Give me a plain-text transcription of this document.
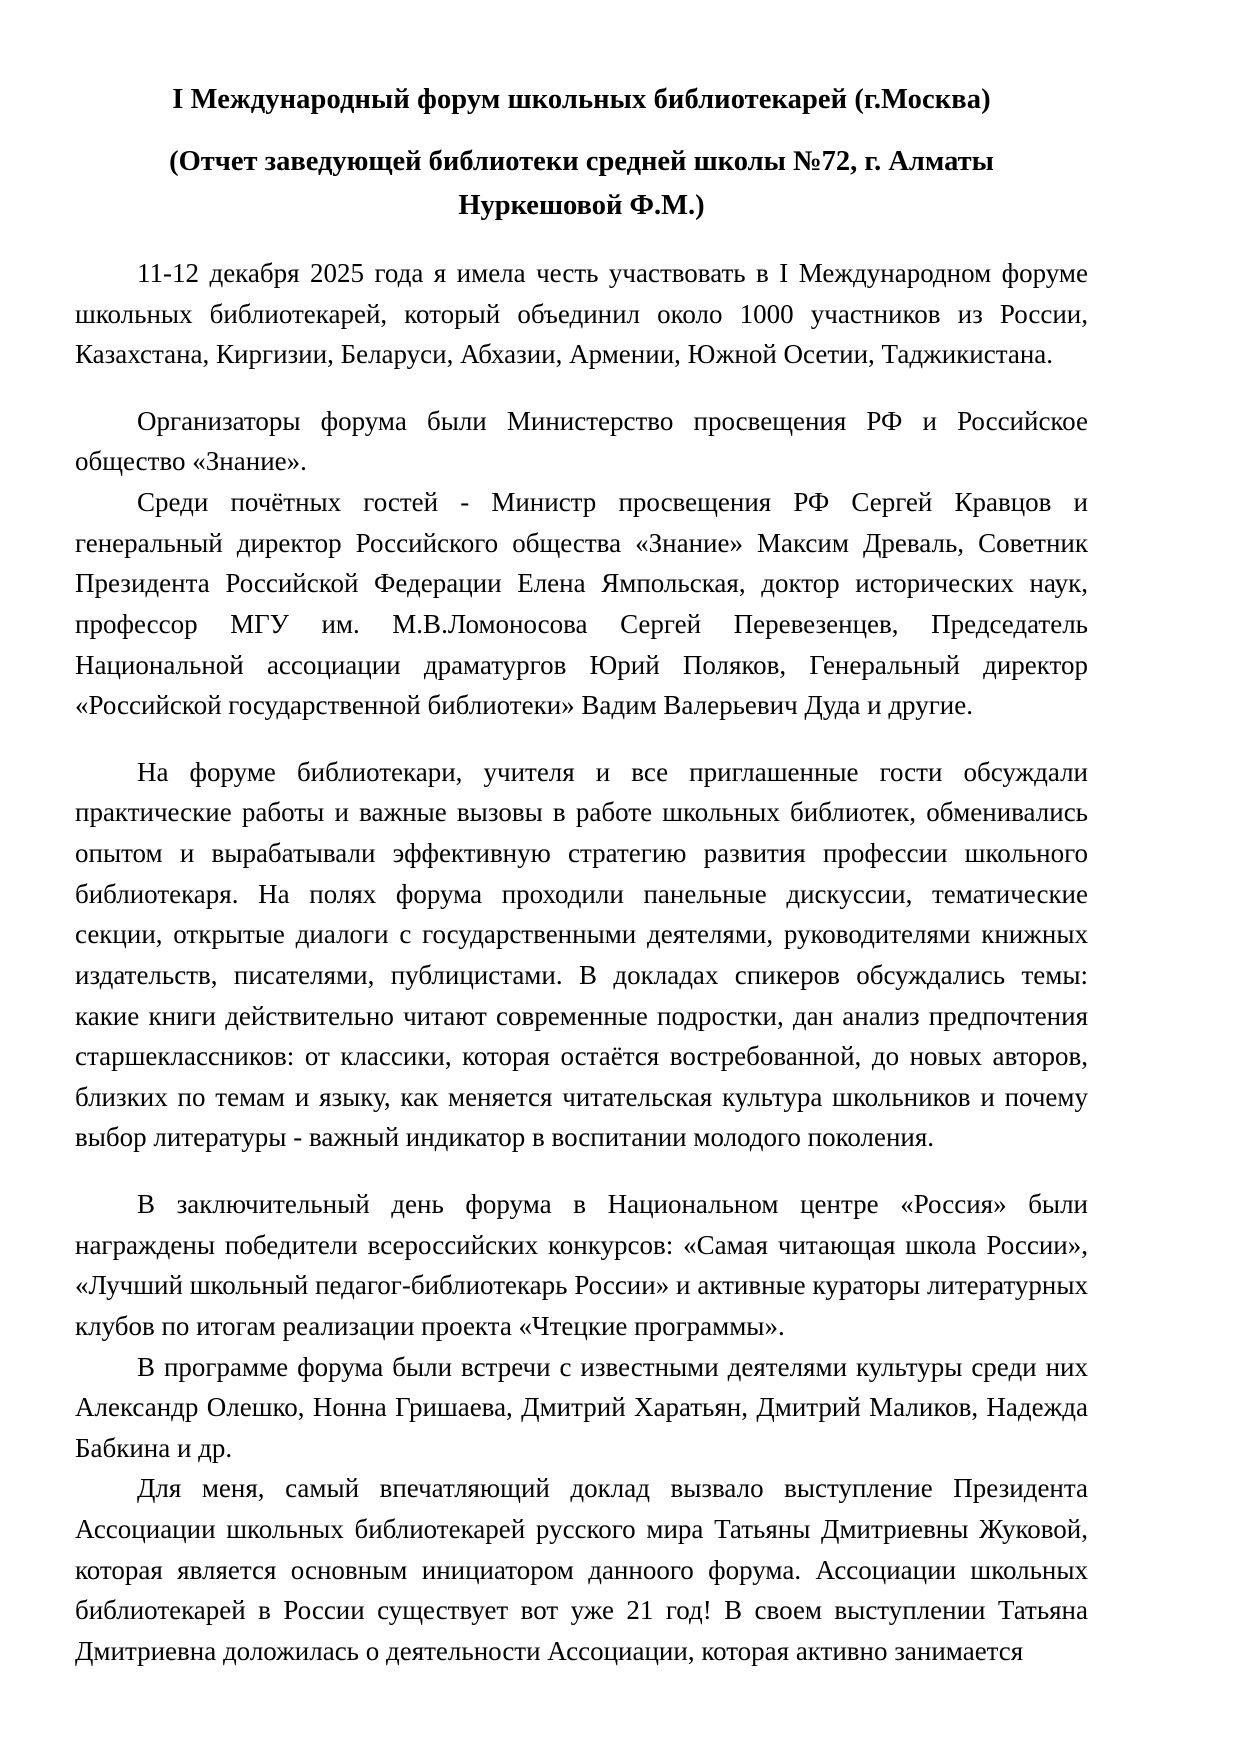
I Международный форум школьных библиотекарей (г.Москва)
(Отчет заведующей библиотеки средней школы №72, г. Алматы Нуркешовой Ф.М.)

11-12 декабря 2025 года я имела честь участвовать в I Международном форуме школьных библиотекарей, который объединил около 1000 участников из России, Казахстана, Киргизии, Беларуси, Абхазии, Армении, Южной Осетии, Таджикистана.

Организаторы форума были Министерство просвещения РФ и Российское общество «Знание».

Среди почётных гостей - Министр просвещения РФ Сергей Кравцов и генеральный директор Российского общества «Знание» Максим Древаль, Советник Президента Российской Федерации Елена Ямпольская, доктор исторических наук, профессор МГУ им. М.В.Ломоносова Сергей Перевезенцев, Председатель Национальной ассоциации драматургов Юрий Поляков, Генеральный директор «Российской государственной библиотеки» Вадим Валерьевич Дуда и другие.

На форуме библиотекари, учителя и все приглашенные гости обсуждали практические работы и важные вызовы в работе школьных библиотек, обменивались опытом и вырабатывали эффективную стратегию развития профессии школьного библиотекаря. На полях форума проходили панельные дискуссии, тематические секции, открытые диалоги с государственными деятелями, руководителями книжных издательств, писателями, публицистами. В докладах спикеров обсуждались темы: какие книги действительно читают современные подростки, дан анализ предпочтения старшеклассников: от классики, которая остаётся востребованной, до новых авторов, близких по темам и языку, как меняется читательская культура школьников и почему выбор литературы - важный индикатор в воспитании молодого поколения.

В заключительный день форума в Национальном центре «Россия» были награждены победители всероссийских конкурсов: «Самая читающая школа России», «Лучший школьный педагог-библиотекарь России» и активные кураторы литературных клубов по итогам реализации проекта «Чтецкие программы».

В программе форума были встречи с известными деятелями культуры среди них Александр Олешко, Нонна Гришаева, Дмитрий Харатьян, Дмитрий Маликов, Надежда Бабкина и др.

Для меня, самый впечатляющий доклад вызвало выступление Президента Ассоциации школьных библиотекарей русского мира Татьяны Дмитриевны Жуковой, которая является основным инициатором данноого форума. Ассоциации школьных библиотекарей в России существует вот уже 21 год! В своем выступлении Татьяна Дмитриевна доложилась о деятельности Ассоциации, которая активно занимается
